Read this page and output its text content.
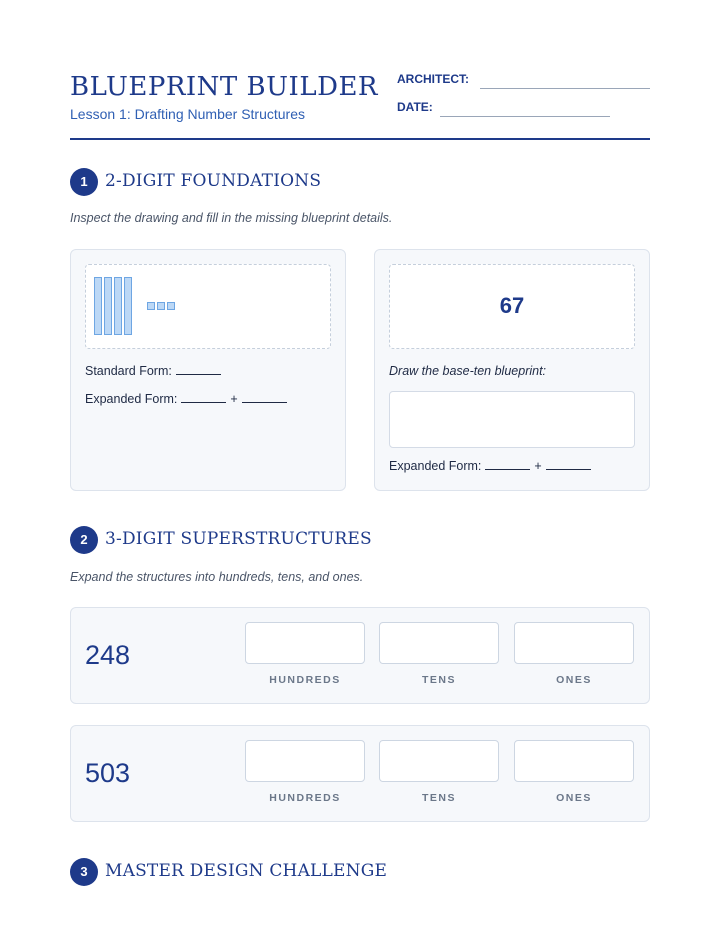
BLUEPRINT BUILDER
Lesson 1: Drafting Number Structures
ARCHITECT:
DATE:
1	2-DIGIT FOUNDATIONS
Inspect the drawing and fill in the missing blueprint details.
Standard Form:
Expanded Form:	+
67
Draw the base-ten blueprint:
Expanded Form:	+
2	3-DIGIT SUPERSTRUCTURES
Expand the structures into hundreds, tens, and ones.
248
HUNDREDS	TENS	ONES
503
HUNDREDS	TENS	ONES
3	MASTER DESIGN CHALLENGE
